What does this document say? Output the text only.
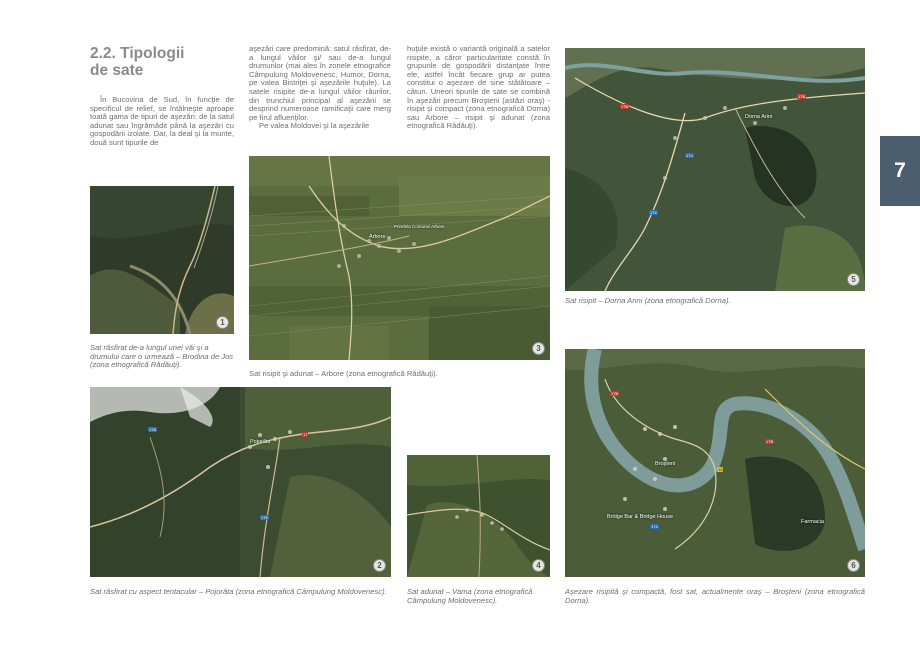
2.2. Tipologii
de sate

În Bucovina de Sud, în funcţie de specificul de relief, se întâlneşte aproape toată gama de tipuri de aşezări: de la satul adunat sau îngrămădit până la aşezări cu gospodării izolate. Dar, la deal şi la munte, două sunt tipurile de

aşezări care predomină: satul răsfirat, de-a lungul văilor şi/ sau de-a lungul drumurilor (mai ales în zonele etnografice Câmpulung Moldovenesc, Humor, Dorna, pe valea Bistriţei şi aşezările huţule). La satele risipite de-a lungul văilor râurilor, din trunchiul principal al aşezării se desprind numeroase ramificaţii care merg pe firul afluenţilor.

Pe valea Moldovei şi la aşezările

huţule există o variantă originală a satelor risipite, a căror particularitate constă în grupurile de gospodării distanţate între ele, astfel încât fiecare grup ar putea constitui o aşezare de sine stătătoare – cătun. Uneori tipurile de sate se combină în aşezări precum Broşteni (astăzi oraş) - risipit şi compact (zona etnografică Dorna) sau Arbore – risipit şi adunat (zona etnografică Rădăuţi).

7
1
Sat răsfirat de-a lungul unei văi şi a drumului care o urmează – Brodina de Jos (zona etnografică Rădăuţi).
Arbore
Primăria Comunei Arbore
3
Sat risipit şi adunat – Arbore (zona etnografică Rădăuţi).
Dorna Arini
17B
17B
174
174
5
Sat risipit – Dorna Arini (zona etnografică Dorna).
Pojorâta
17A
17
175
2
Sat răsfirat cu aspect tentacular – Pojorâta (zona etnografică Câmpulung Moldovenesc).
4
Sat adunat – Vama (zona etnografică Câmpulung Moldovenesc).
Bridge Bar & Bridge House
Broşteni
Farmacia
17B
17B
15
174
6
Aşezare risipită şi compactă, fost sat, actualmente oraş – Broşteni (zona etnografică Dorna).
